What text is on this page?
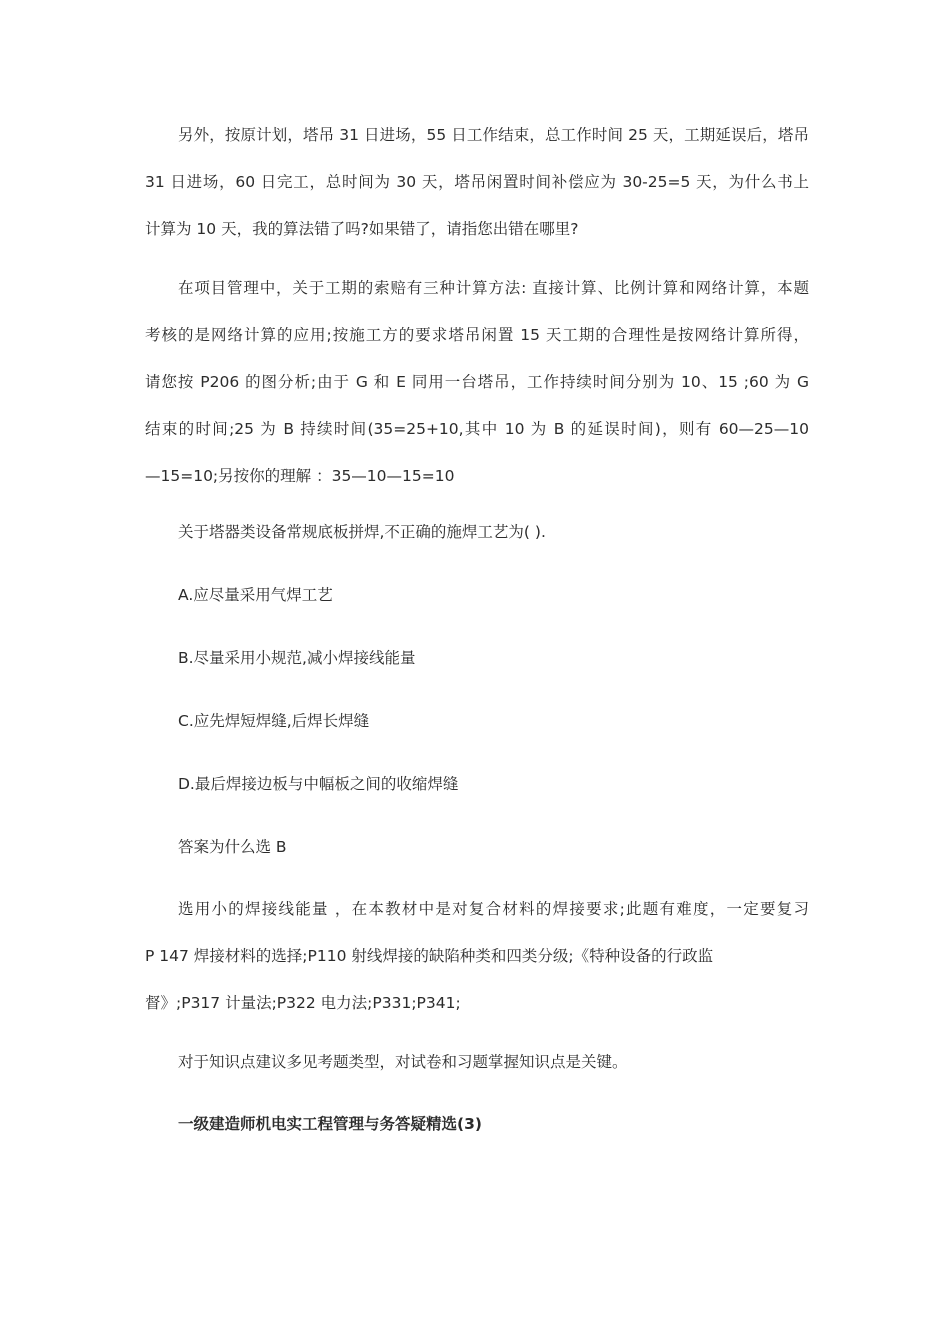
另外，按原计划，塔吊 31 日进场，55 日工作结束，总工作时间 25 天，工期延误后，塔吊
31 日进场，60 日完工，总时间为 30 天，塔吊闲置时间补偿应为 30-25=5 天，为什么书上
计算为 10 天，我的算法错了吗?如果错了，请指您出错在哪里?
在项目管理中，关于工期的索赔有三种计算方法: 直接计算、比例计算和网络计算，本题
考核的是网络计算的应用;按施工方的要求塔吊闲置 15 天工期的合理性是按网络计算所得，
请您按 P206 的图分析;由于 G 和 E 同用一台塔吊，工作持续时间分别为 10、15 ;60 为 G
结束的时间;25 为 B 持续时间(35=25+10,其中 10 为 B 的延误时间)，则有 60—25—10
—15=10;另按你的理解 ：35—10—15=10

关于塔器类设备常规底板拼焊,不正确的施焊工艺为( ).

A.应尽量采用气焊工艺

B.尽量采用小规范,减小焊接线能量

C.应先焊短焊缝,后焊长焊缝

D.最后焊接边板与中幅板之间的收缩焊缝

答案为什么选 B

选用小的焊接线能量 ，在本教材中是对复合材料的焊接要求;此题有难度，一定要复习
P 147 焊接材料的选择;P110 射线焊接的缺陷种类和四类分级;《特种设备的行政监
督》;P317 计量法;P322 电力法;P331;P341;

对于知识点建议多见考题类型，对试卷和习题掌握知识点是关键。

一级建造师机电实工程管理与务答疑精选(3)
